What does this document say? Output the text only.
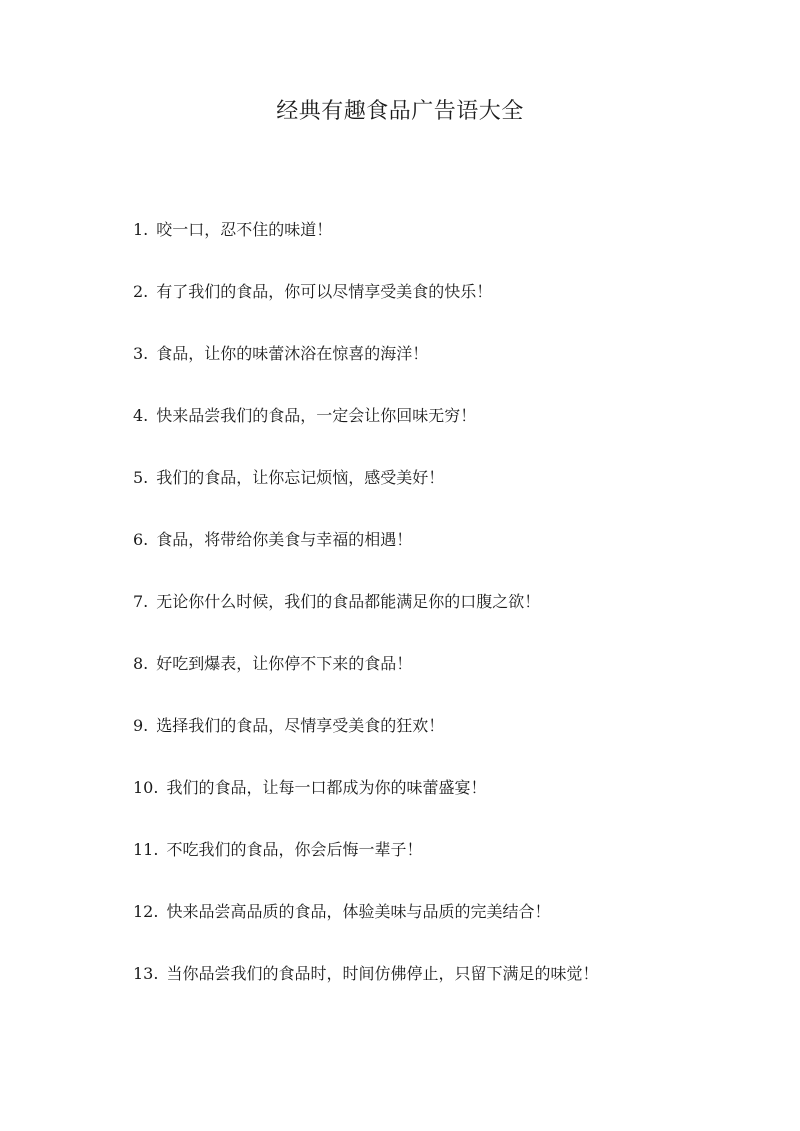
经典有趣食品广告语大全
1. 咬一口，忍不住的味道！
2. 有了我们的食品，你可以尽情享受美食的快乐！
3. 食品，让你的味蕾沐浴在惊喜的海洋！
4. 快来品尝我们的食品，一定会让你回味无穷！
5. 我们的食品，让你忘记烦恼，感受美好！
6. 食品，将带给你美食与幸福的相遇！
7. 无论你什么时候，我们的食品都能满足你的口腹之欲！
8. 好吃到爆表，让你停不下来的食品！
9. 选择我们的食品，尽情享受美食的狂欢！
10. 我们的食品，让每一口都成为你的味蕾盛宴！
11. 不吃我们的食品，你会后悔一辈子！
12. 快来品尝高品质的食品，体验美味与品质的完美结合！
13. 当你品尝我们的食品时，时间仿佛停止，只留下满足的味觉！
